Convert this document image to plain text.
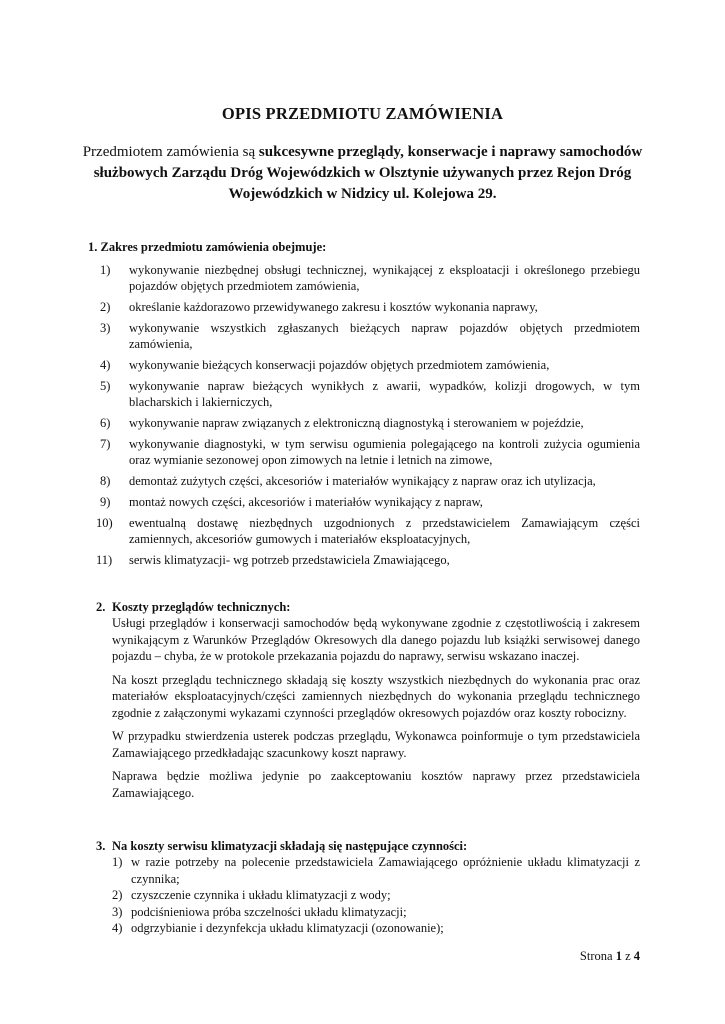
OPIS PRZEDMIOTU ZAMÓWIENIA
Przedmiotem zamówienia są sukcesywne przeglądy, konserwacje i naprawy samochodów służbowych Zarządu Dróg Wojewódzkich w Olsztynie używanych przez Rejon Dróg Wojewódzkich w Nidzicy ul. Kolejowa 29.
1. Zakres przedmiotu zamówienia obejmuje:
1)	wykonywanie niezbędnej obsługi technicznej, wynikającej z eksploatacji i określonego przebiegu pojazdów objętych przedmiotem zamówienia,
2)	określanie każdorazowo przewidywanego zakresu i kosztów wykonania naprawy,
3)	wykonywanie wszystkich zgłaszanych bieżących napraw pojazdów objętych przedmiotem zamówienia,
4)	wykonywanie bieżących konserwacji pojazdów objętych przedmiotem zamówienia,
5)	wykonywanie napraw bieżących wynikłych z awarii, wypadków, kolizji drogowych, w tym blacharskich i lakierniczych,
6)	wykonywanie napraw związanych z elektroniczną diagnostyką i sterowaniem w pojeździe,
7)	wykonywanie diagnostyki, w tym serwisu ogumienia polegającego na kontroli zużycia ogumienia oraz wymianie sezonowej opon zimowych na letnie i letnich na zimowe,
8)	demontaż zużytych części, akcesoriów i materiałów wynikający z napraw oraz ich utylizacja,
9)	montaż nowych części, akcesoriów i materiałów wynikający z napraw,
10)	ewentualną dostawę niezbędnych uzgodnionych z przedstawicielem Zamawiającym części zamiennych, akcesoriów gumowych i materiałów eksploatacyjnych,
11)	serwis klimatyzacji- wg potrzeb przedstawiciela Zmawiającego,
2. Koszty przeglądów technicznych:
Usługi przeglądów i konserwacji samochodów będą wykonywane zgodnie z częstotliwością i zakresem wynikającym z Warunków Przeglądów Okresowych dla danego pojazdu lub książki serwisowej danego pojazdu – chyba, że w protokole przekazania pojazdu do naprawy, serwisu wskazano inaczej.
Na koszt przeglądu technicznego składają się koszty wszystkich niezbędnych do wykonania prac oraz materiałów eksploatacyjnych/części zamiennych niezbędnych do wykonania przeglądu technicznego zgodnie z załączonymi wykazami czynności przeglądów okresowych pojazdów oraz koszty robocizny.
W przypadku stwierdzenia usterek podczas przeglądu, Wykonawca poinformuje o tym przedstawiciela Zamawiającego przedkładając szacunkowy koszt naprawy.
Naprawa będzie możliwa jedynie po zaakceptowaniu kosztów naprawy przez przedstawiciela Zamawiającego.
3. Na koszty serwisu klimatyzacji składają się następujące czynności:
1) w razie potrzeby na polecenie przedstawiciela Zamawiającego opróżnienie układu klimatyzacji z czynnika;
2) czyszczenie czynnika i układu klimatyzacji z wody;
3) podciśnieniowa próba szczelności układu klimatyzacji;
4) odgrzybianie i dezynfekcja układu klimatyzacji (ozonowanie);
Strona 1 z 4
